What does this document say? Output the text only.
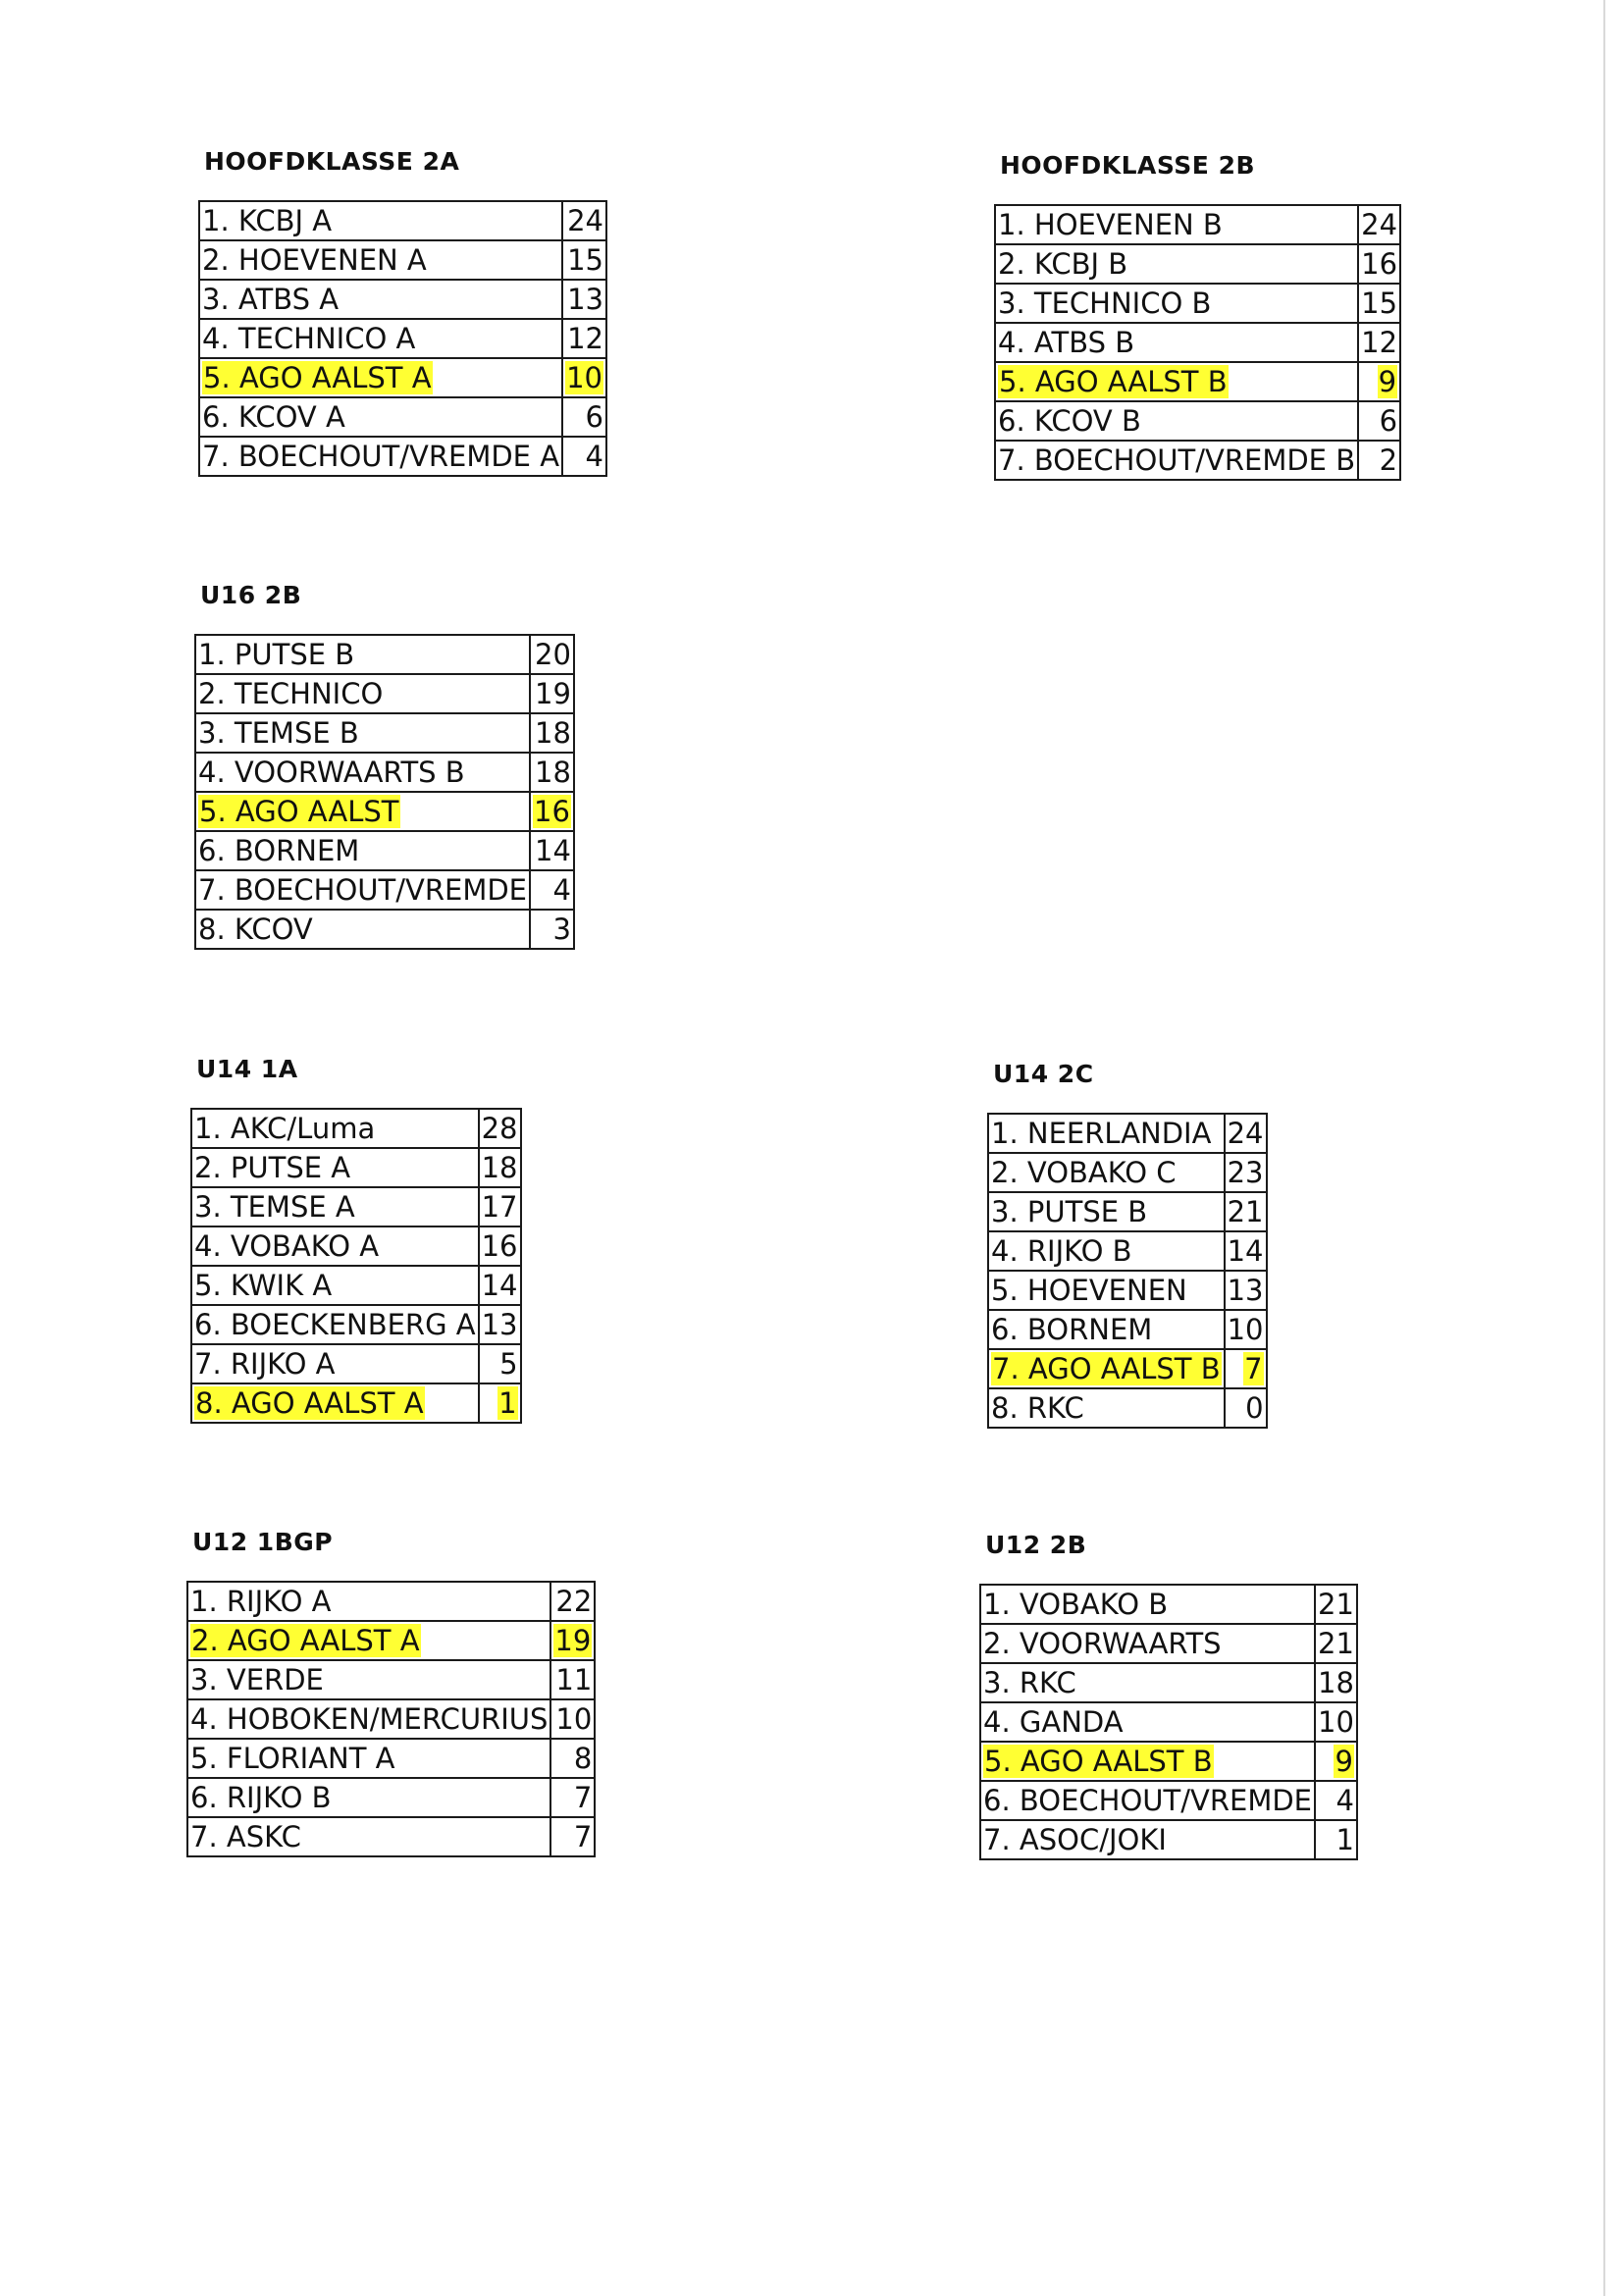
HOOFDKLASSE 2A
1. KCBJ A	24
2. HOEVENEN A	15
3. ATBS A	13
4. TECHNICO A	12
5. AGO AALST A	10
6. KCOV A	6
7. BOECHOUT/VREMDE A	4
HOOFDKLASSE 2B
1. HOEVENEN B	24
2. KCBJ B	16
3. TECHNICO B	15
4. ATBS B	12
5. AGO AALST B	9
6. KCOV B	6
7. BOECHOUT/VREMDE B	2
U16 2B
1. PUTSE B	20
2. TECHNICO	19
3. TEMSE B	18
4. VOORWAARTS B	18
5. AGO AALST	16
6. BORNEM	14
7. BOECHOUT/VREMDE	4
8. KCOV	3
U14 1A
1. AKC/Luma	28
2. PUTSE A	18
3. TEMSE A	17
4. VOBAKO A	16
5. KWIK A	14
6. BOECKENBERG A	13
7. RIJKO A	5
8. AGO AALST A	1
U14 2C
1. NEERLANDIA	24
2. VOBAKO C	23
3. PUTSE B	21
4. RIJKO B	14
5. HOEVENEN	13
6. BORNEM	10
7. AGO AALST B	7
8. RKC	0
U12 1BGP
1. RIJKO A	22
2. AGO AALST A	19
3. VERDE	11
4. HOBOKEN/MERCURIUS	10
5. FLORIANT A	8
6. RIJKO B	7
7. ASKC	7
U12 2B
1. VOBAKO B	21
2. VOORWAARTS	21
3. RKC	18
4. GANDA	10
5. AGO AALST B	9
6. BOECHOUT/VREMDE	4
7. ASOC/JOKI	1
